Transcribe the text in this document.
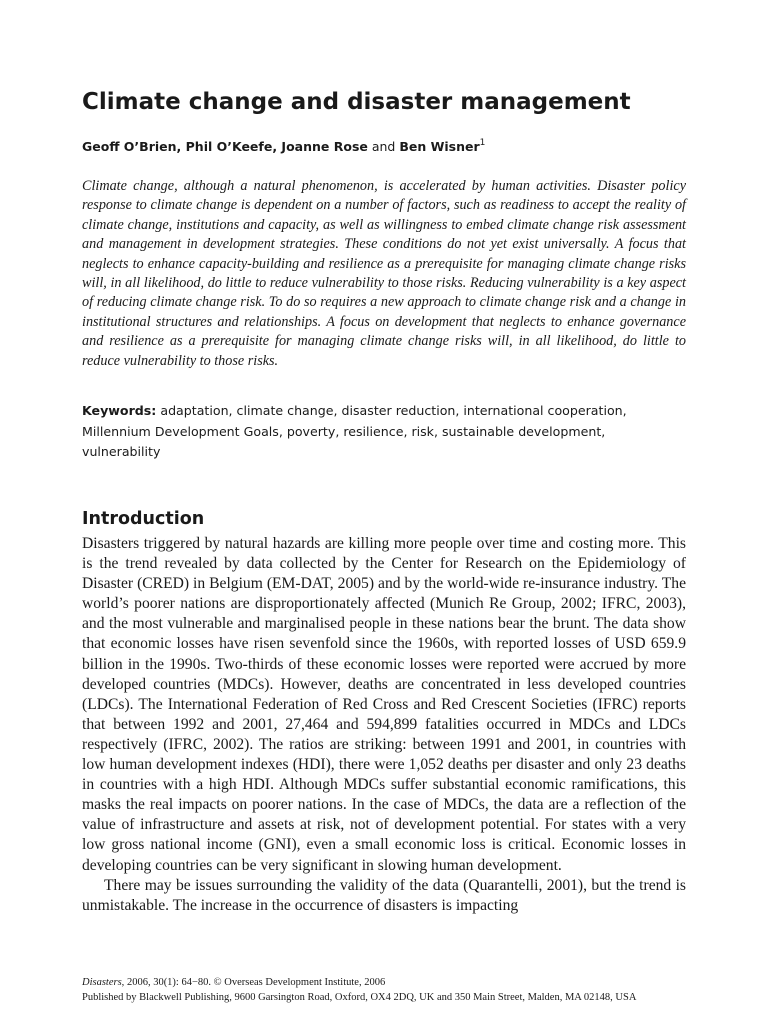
Climate change and disaster management
Geoff O’Brien, Phil O’Keefe, Joanne Rose and Ben Wisner$^1$

Climate change, although a natural phenomenon, is accelerated by human activities. Disaster policy response to climate change is dependent on a number of factors, such as readiness to accept the reality of climate change, institutions and capacity, as well as willingness to embed climate change risk assessment and management in development strategies. These conditions do not yet exist universally. A focus that neglects to enhance capacity-building and resilience as a prerequisite for managing climate change risks will, in all likelihood, do little to reduce vulnerability to those risks. Reducing vulnerability is a key aspect of reducing climate change risk. To do so requires a new approach to climate change risk and a change in institutional structures and relationships. A focus on development that neglects to enhance governance and resilience as a prerequisite for managing climate change risks will, in all likelihood, do little to reduce vulnerability to those risks.

Keywords: adaptation, climate change, disaster reduction, international cooperation, Millennium Development Goals, poverty, resilience, risk, sustainable development, vulnerability

Introduction

Disasters triggered by natural hazards are killing more people over time and costing more. This is the trend revealed by data collected by the Center for Research on the Epidemiology of Disaster (CRED) in Belgium (EM-DAT, 2005) and by the world-wide re-insurance industry. The world’s poorer nations are disproportionately affected (Munich Re Group, 2002; IFRC, 2003), and the most vulnerable and marginalised people in these nations bear the brunt. The data show that economic losses have risen sevenfold since the 1960s, with reported losses of USD 659.9 billion in the 1990s. Two-thirds of these economic losses were reported were accrued by more developed countries (MDCs). However, deaths are concentrated in less developed countries (LDCs). The International Federation of Red Cross and Red Crescent Societies (IFRC) reports that between 1992 and 2001, 27,464 and 594,899 fatalities occurred in MDCs and LDCs respectively (IFRC, 2002). The ratios are striking: between 1991 and 2001, in countries with low human development indexes (HDI), there were 1,052 deaths per disaster and only 23 deaths in countries with a high HDI. Although MDCs suffer substantial economic ramifications, this masks the real impacts on poorer nations. In the case of MDCs, the data are a reflection of the value of infrastructure and assets at risk, not of development potential. For states with a very low gross national income (GNI), even a small economic loss is critical. Economic losses in developing countries can be very significant in slowing human development.

There may be issues surrounding the validity of the data (Quarantelli, 2001), but the trend is unmistakable. The increase in the occurrence of disasters is impacting

Disasters, 2006, 30(1): 64−80. © Overseas Development Institute, 2006
Published by Blackwell Publishing, 9600 Garsington Road, Oxford, OX4 2DQ, UK and 350 Main Street, Malden, MA 02148, USA
